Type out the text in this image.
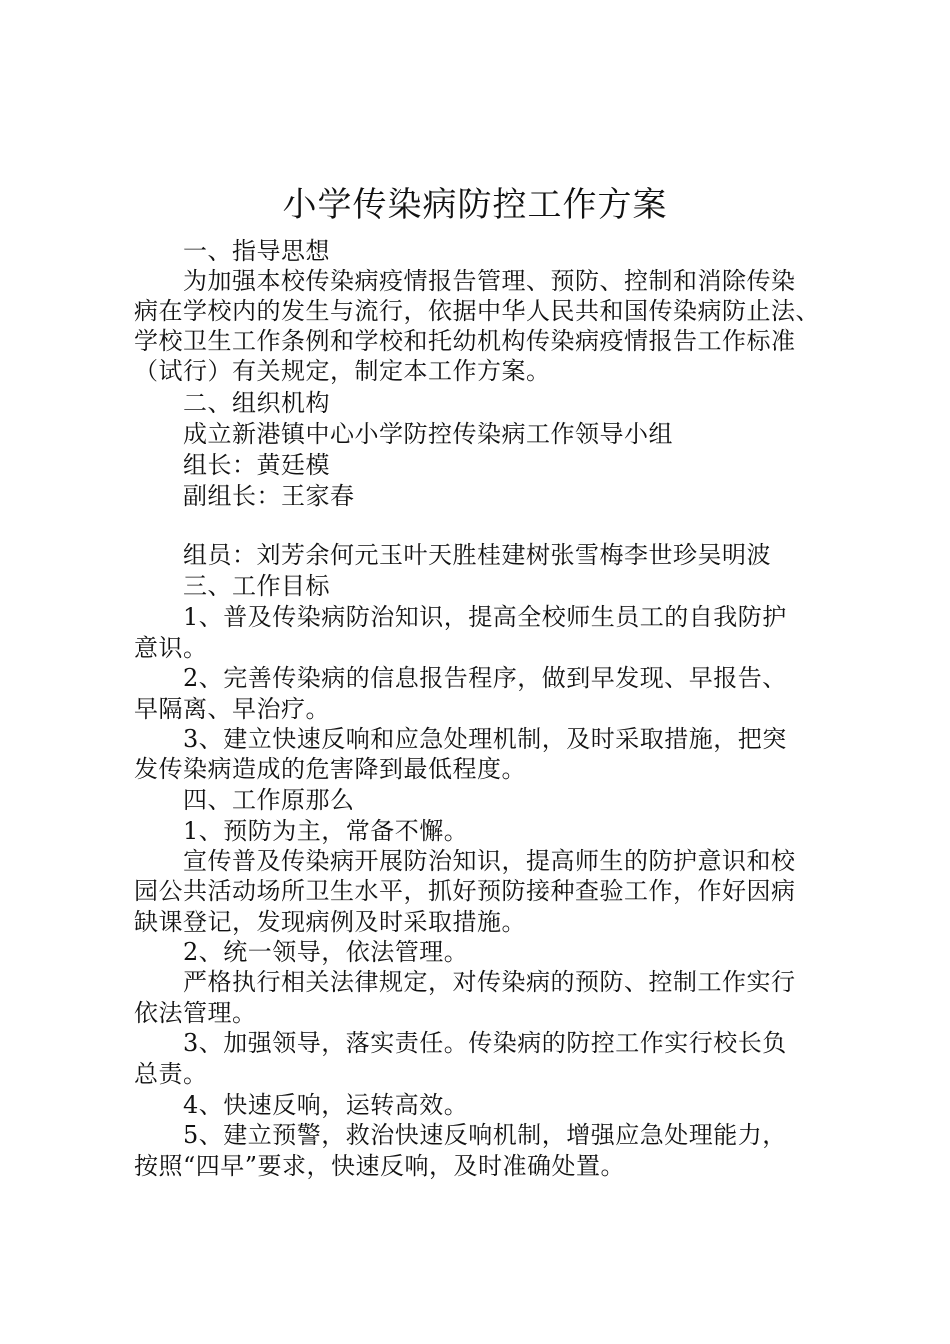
小学传染病防控工作方案
一、指导思想
为加强本校传染病疫情报告管理、预防、控制和消除传染
病在学校内的发生与流行，依据中华人民共和国传染病防止法、
学校卫生工作条例和学校和托幼机构传染病疫情报告工作标准
（试行）有关规定，制定本工作方案。
二、组织机构
成立新港镇中心小学防控传染病工作领导小组
组长：黄廷模
副组长：王家春
组员：刘芳余何元玉叶天胜桂建树张雪梅李世珍吴明波
三、工作目标
1、普及传染病防治知识，提高全校师生员工的自我防护
意识。
2、完善传染病的信息报告程序，做到早发现、早报告、
早隔离、早治疗。
3、建立快速反响和应急处理机制，及时采取措施，把突
发传染病造成的危害降到最低程度。
四、工作原那么
1、预防为主，常备不懈。
宣传普及传染病开展防治知识，提高师生的防护意识和校
园公共活动场所卫生水平，抓好预防接种查验工作，作好因病
缺课登记，发现病例及时采取措施。
2、统一领导，依法管理。
严格执行相关法律规定，对传染病的预防、控制工作实行
依法管理。
3、加强领导，落实责任。传染病的防控工作实行校长负
总责。
4、快速反响，运转高效。
5、建立预警，救治快速反响机制，增强应急处理能力，
按照“四早”要求，快速反响，及时准确处置。
